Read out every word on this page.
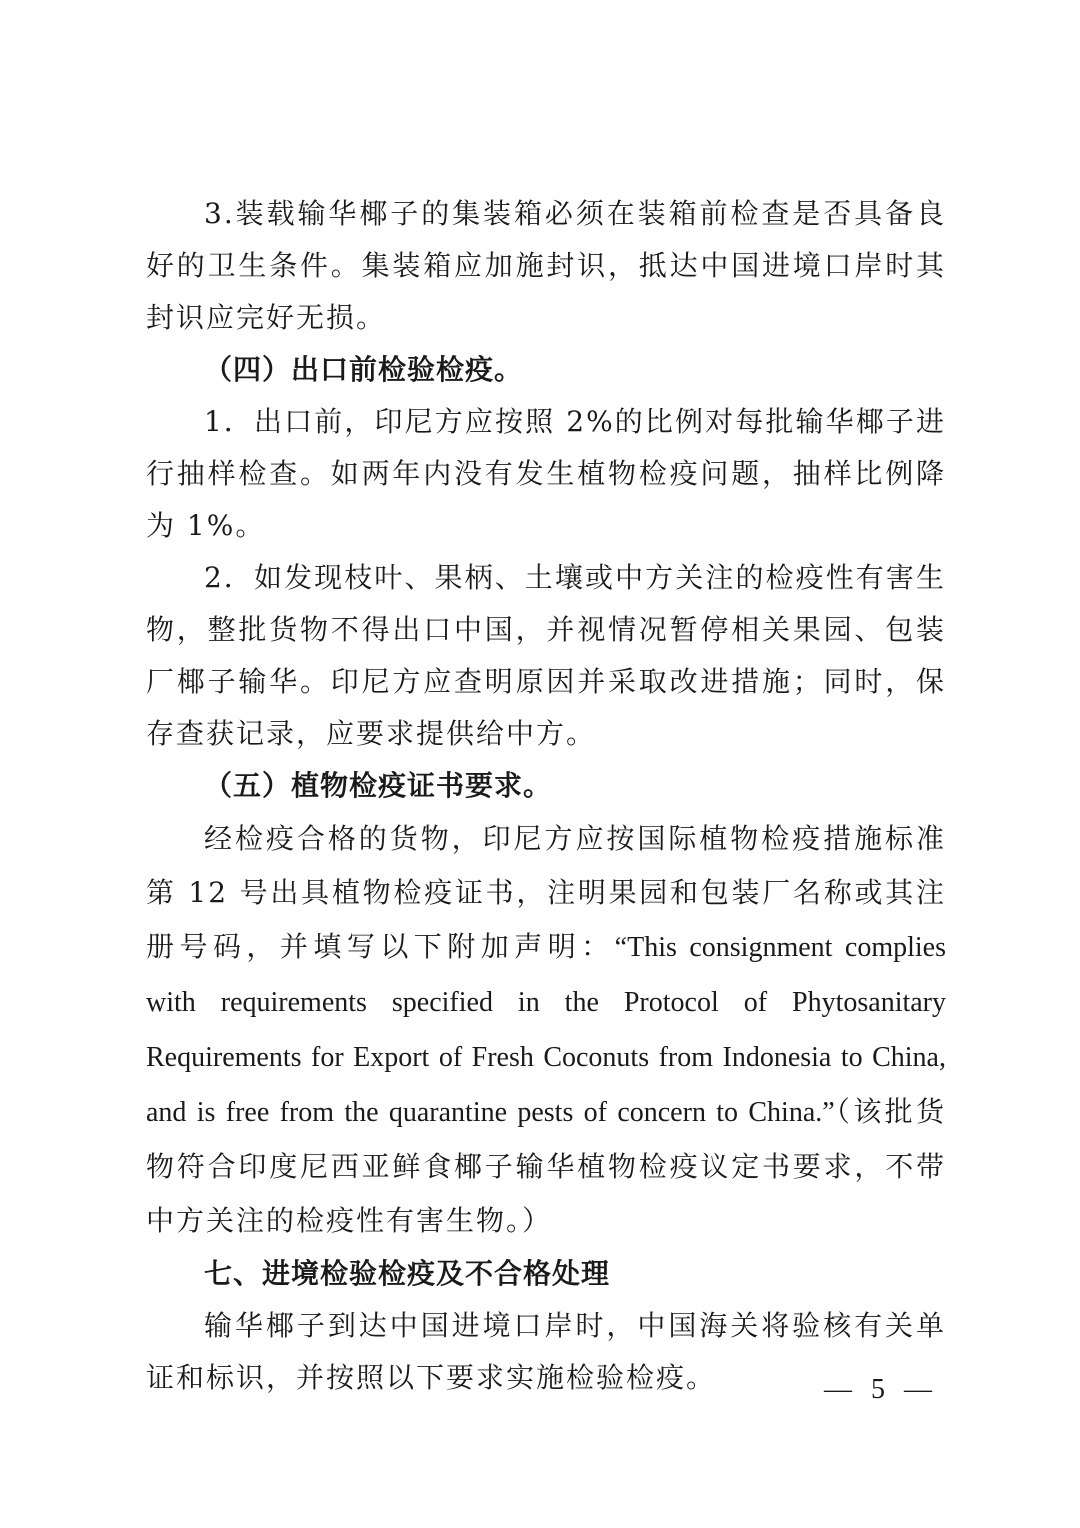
3.装载输华椰子的集装箱必须在装箱前检查是否具备良好的卫生条件。集装箱应加施封识，抵达中国进境口岸时其封识应完好无损。

（四）出口前检验检疫。

1．出口前，印尼方应按照 2%的比例对每批输华椰子进行抽样检查。如两年内没有发生植物检疫问题，抽样比例降为 1%。

2．如发现枝叶、果柄、土壤或中方关注的检疫性有害生物，整批货物不得出口中国，并视情况暂停相关果园、包装厂椰子输华。印尼方应查明原因并采取改进措施；同时，保存查获记录，应要求提供给中方。

（五）植物检疫证书要求。

经检疫合格的货物，印尼方应按国际植物检疫措施标准第 12 号出具植物检疫证书，注明果园和包装厂名称或其注册号码，并填写以下附加声明：“This consignment complies with requirements specified in the Protocol of Phytosanitary Requirements for Export of Fresh Coconuts from Indonesia to China, and is free from the quarantine pests of concern to China.”（该批货物符合印度尼西亚鲜食椰子输华植物检疫议定书要求，不带中方关注的检疫性有害生物。）

七、进境检验检疫及不合格处理

输华椰子到达中国进境口岸时，中国海关将验核有关单证和标识，并按照以下要求实施检验检疫。	— 5 —
